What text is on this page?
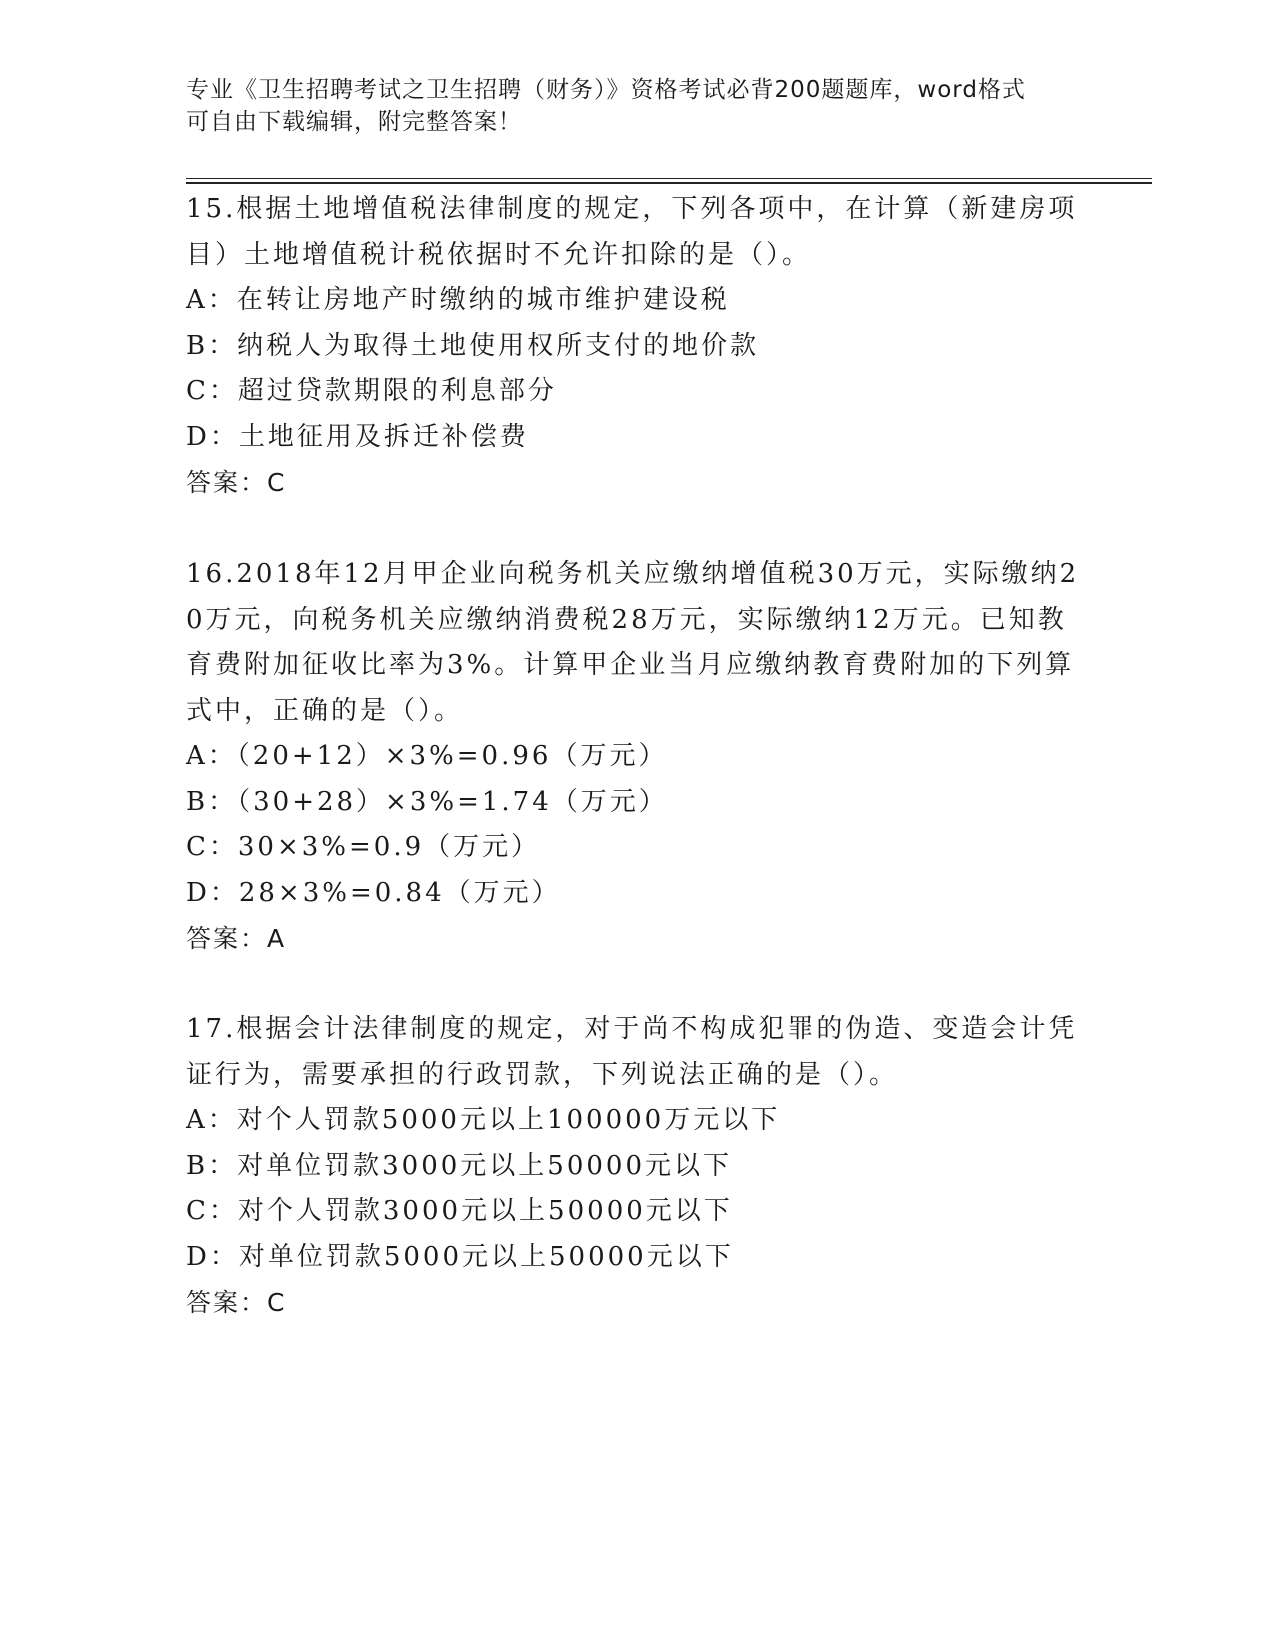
专业《卫生招聘考试之卫生招聘（财务）》资格考试必背200题题库，word格式
可自由下载编辑，附完整答案！
15.根据土地增值税法律制度的规定，下列各项中，在计算（新建房项目）土地增值税计税依据时不允许扣除的是（）。
A：在转让房地产时缴纳的城市维护建设税
B：纳税人为取得土地使用权所支付的地价款
C：超过贷款期限的利息部分
D：土地征用及拆迁补偿费
答案：C
16.2018年12月甲企业向税务机关应缴纳增值税30万元，实际缴纳20万元，向税务机关应缴纳消费税28万元，实际缴纳12万元。已知教育费附加征收比率为3%。计算甲企业当月应缴纳教育费附加的下列算式中，正确的是（）。
A：（20+12）×3%=0.96（万元）
B：（30+28）×3%=1.74（万元）
C：30×3%=0.9（万元）
D：28×3%=0.84（万元）
答案：A
17.根据会计法律制度的规定，对于尚不构成犯罪的伪造、变造会计凭证行为，需要承担的行政罚款，下列说法正确的是（）。
A：对个人罚款5000元以上100000万元以下
B：对单位罚款3000元以上50000元以下
C：对个人罚款3000元以上50000元以下
D：对单位罚款5000元以上50000元以下
答案：C
